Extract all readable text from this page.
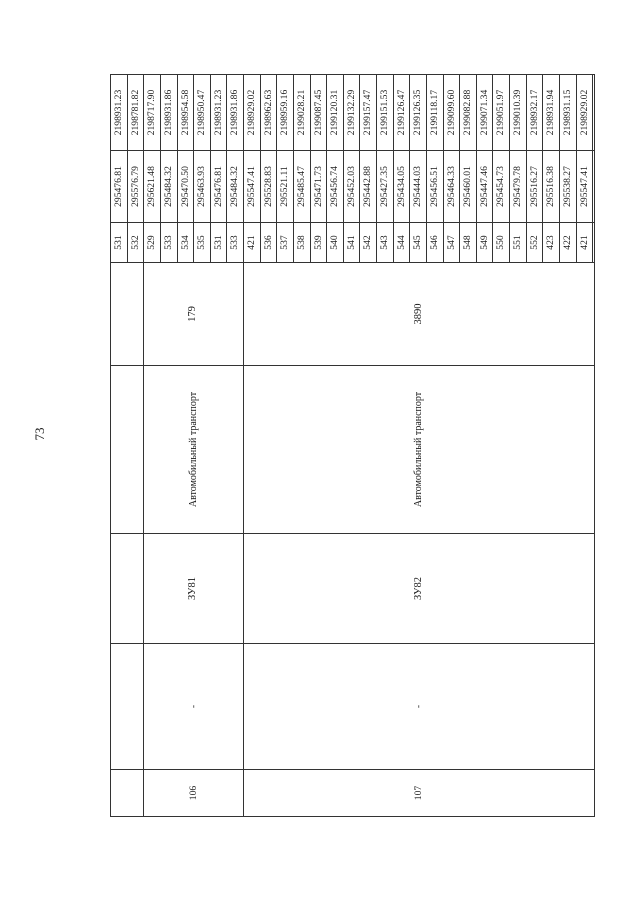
73
					531	295476.81	2198931.23
					532	295576.79	2198781.82
106	-	ЗУ81	Автомобильный транспорт	179	529	295621.48	2198717.90
					533	295484.32	2198931.86
					534	295470.50	2198954.58
					535	295463.93	2198950.47
					531	295476.81	2198931.23
					533	295484.32	2198931.86
107	-	ЗУ82	Автомобильный транспорт	3890	421	295547.41	2198929.02
					536	295528.83	2198962.63
					537	295521.11	2198959.16
					538	295485.47	2199028.21
					539	295471.73	2199087.45
					540	295456.74	2199120.31
					541	295452.03	2199132.29
					542	295442.88	2199157.47
					543	295427.35	2199151.53
					544	295434.05	2199126.47
					545	295444.03	2199126.35
					546	295456.51	2199118.17
					547	295464.33	2199099.60
					548	295460.01	2199082.88
					549	295447.46	2199071.34
					550	295454.73	2199051.97
					551	295479.78	2199010.39
					552	295516.27	2198932.17
					423	295516.38	2198931.94
					422	295538.27	2198931.15
					421	295547.41	2198929.02
